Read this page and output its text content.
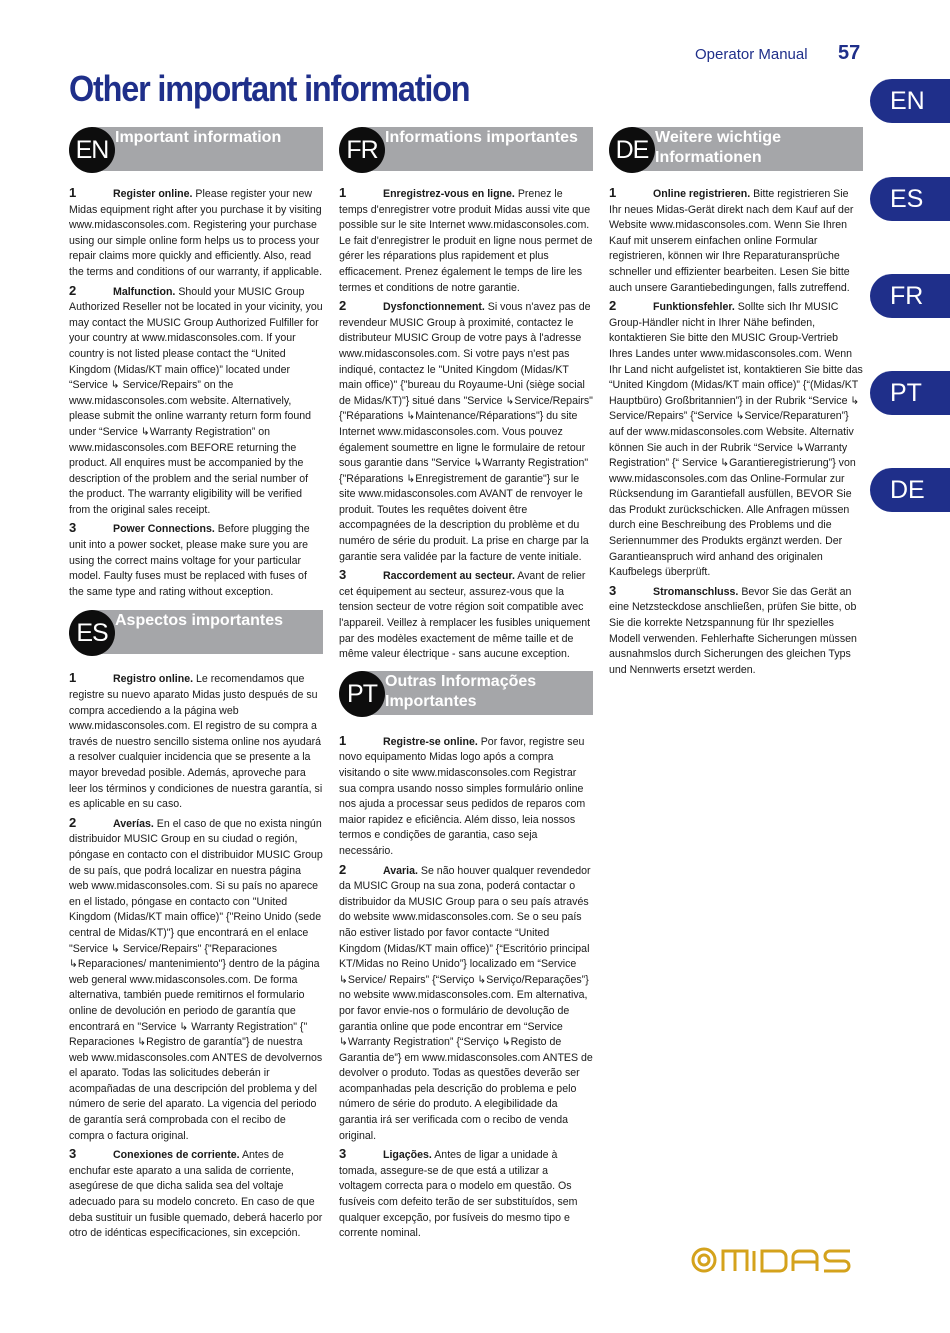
Operator Manual 57
Other important information	EN
ES
FR
PT
DE
Important information
EN

1	Register online. Please register your new Midas equipment right after you purchase it by visiting www.midasconsoles.com. Registering your purchase using our simple online form helps us to process your repair claims more quickly and efficiently. Also, read the terms and conditions of our warranty, if applicable.

2	Malfunction. Should your MUSIC Group Authorized Reseller not be located in your vicinity, you may contact the MUSIC Group Authorized Fulfiller for your country at www.midasconsoles.com. If your country is not listed please contact the “United Kingdom (Midas/KT main office)” located under “Service ↳ Service/Repairs” on the www.midasconsoles.com website. Alternatively, please submit the online warranty return form found under “Service ↳Warranty Registration” on www.midasconsoles.com BEFORE returning the product. All enquires must be accompanied by the description of the problem and the serial number of the product. The warranty eligibility will be verified from the original sales receipt.

3	Power Connections. Before plugging the unit into a power socket, please make sure you are using the correct mains voltage for your particular model. Faulty fuses must be replaced with fuses of the same type and rating without exception.

Aspectos importantes
ES

1	Registro online. Le recomendamos que registre su nuevo aparato Midas justo después de su compra accediendo a la página web www.midasconsoles.com. El registro de su compra a través de nuestro sencillo sistema online nos ayudará a resolver cualquier incidencia que se presente a la mayor brevedad posible. Además, aproveche para leer los términos y condiciones de nuestra garantía, si es aplicable en su caso.

2	Averías. En el caso de que no exista ningún distribuidor MUSIC Group en su ciudad o región, póngase en contacto con el distribuidor MUSIC Group de su país, que podrá localizar en nuestra página web www.midasconsoles.com. Si su país no aparece en el listado, póngase en contacto con "United Kingdom (Midas/KT main office)" {"Reino Unido (sede central de Midas/KT)"} que encontrará en el enlace "Service ↳ Service/Repairs" {"Reparaciones ↳Reparaciones/ mantenimiento"} dentro de la página web general www.midasconsoles.com. De forma alternativa, también puede remitirnos el formulario online de devolución en periodo de garantía que encontrará en "Service ↳ Warranty Registration" {" Reparaciones ↳Registro de garantía"} de nuestra web www.midasconsoles.com ANTES de devolvernos el aparato. Todas las solicitudes deberán ir acompañadas de una descripción del problema y del número de serie del aparato. La vigencia del periodo de garantía será comprobada con el recibo de compra o factura original.

3	Conexiones de corriente. Antes de enchufar este aparato a una salida de corriente, asegúrese de que dicha salida sea del voltaje adecuado para su modelo concreto. En caso de que deba sustituir un fusible quemado, deberá hacerlo por otro de idénticas especificaciones, sin excepción.

Informations importantes
FR

1	Enregistrez-vous en ligne. Prenez le temps d'enregistrer votre produit Midas aussi vite que possible sur le site Internet www.midasconsoles.com. Le fait d'enregistrer le produit en ligne nous permet de gérer les réparations plus rapidement et plus efficacement. Prenez également le temps de lire les termes et conditions de notre garantie.

2	Dysfonctionnement. Si vous n'avez pas de revendeur MUSIC Group à proximité, contactez le distributeur MUSIC Group de votre pays à l'adresse www.midasconsoles.com. Si votre pays n'est pas indiqué, contactez le "United Kingdom (Midas/KT main office)" {"bureau du Royaume-Uni (siège social de Midas/KT)"} situé dans "Service ↳Service/Repairs" {"Réparations ↳Maintenance/Réparations"} du site Internet www.midasconsoles.com. Vous pouvez également soumettre en ligne le formulaire de retour sous garantie dans "Service ↳Warranty Registration" {"Réparations ↳Enregistrement de garantie"} sur le site www.midasconsoles.com AVANT de renvoyer le produit. Toutes les requêtes doivent être accompagnées de la description du problème et du numéro de série du produit. La prise en charge par la garantie sera validée par la facture de vente initiale.

3	Raccordement au secteur. Avant de relier cet équipement au secteur, assurez-vous que la tension secteur de votre région soit compatible avec l'appareil. Veillez à remplacer les fusibles uniquement par des modèles exactement de même taille et de même valeur électrique - sans aucune exception.

Outras Informações Importantes
PT

1	Registre-se online. Por favor, registre seu novo equipamento Midas logo após a compra visitando o site www.midasconsoles.com Registrar sua compra usando nosso simples formulário online nos ajuda a processar seus pedidos de reparos com maior rapidez e eficiência. Além disso, leia nossos termos e condições de garantia, caso seja necessário.

2	Avaria. Se não houver qualquer revendedor da MUSIC Group na sua zona, poderá contactar o distribuidor da MUSIC Group para o seu país através do website www.midasconsoles.com. Se o seu país não estiver listado por favor contacte “United Kingdom (Midas/KT main office)” {“Escritório principal KT/Midas no Reino Unido”} localizado em “Service ↳Service/ Repairs” {“Serviço ↳Serviço/Reparações”} no website www.midasconsoles.com. Em alternativa, por favor envie-nos o formulário de devolução de garantia online que pode encontrar em “Service ↳Warranty Registration” {“Serviço ↳Registo de Garantia de”} em www.midasconsoles.com ANTES de devolver o produto. Todas as questões deverão ser acompanhadas pela descrição do problema e pelo número de série do produto. A elegibilidade da garantia irá ser verificada com o recibo de venda original.

3	Ligações. Antes de ligar a unidade à tomada, assegure-se de que está a utilizar a voltagem correcta para o modelo em questão. Os fusíveis com defeito terão de ser substituídos, sem qualquer excepção, por fusíveis do mesmo tipo e corrente nominal.

Weitere wichtige Informationen
DE

1	Online registrieren. Bitte registrieren Sie Ihr neues Midas-Gerät direkt nach dem Kauf auf der Website www.midasconsoles.com. Wenn Sie Ihren Kauf mit unserem einfachen online Formular registrieren, können wir Ihre Reparaturansprüche schneller und effizienter bearbeiten. Lesen Sie bitte auch unsere Garantiebedingungen, falls zutreffend.

2	Funktionsfehler. Sollte sich Ihr MUSIC Group-Händler nicht in Ihrer Nähe befinden, kontaktieren Sie bitte den MUSIC Group-Vertrieb Ihres Landes unter www.midasconsoles.com. Wenn Ihr Land nicht aufgelistet ist, kontaktieren Sie bitte das “United Kingdom (Midas/KT main office)” {“(Midas/KT Hauptbüro) Großbritannien”} in der Rubrik “Service ↳ Service/Repairs” {“Service ↳Service/Reparaturen”} auf der www.midasconsoles.com Website. Alternativ können Sie auch in der Rubrik “Service ↳Warranty Registration” {“ Service ↳Garantieregistrierung”} von www.midasconsoles.com das Online-Formular zur Rücksendung im Garantiefall ausfüllen, BEVOR Sie das Produkt zurückschicken. Alle Anfragen müssen durch eine Beschreibung des Problems und die Seriennummer des Produkts ergänzt werden. Der Garantieanspruch wird anhand des originalen Kaufbelegs überprüft.

3	Stromanschluss. Bevor Sie das Gerät an eine Netzsteckdose anschließen, prüfen Sie bitte, ob Sie die korrekte Netzspannung für Ihr spezielles Modell verwenden. Fehlerhafte Sicherungen müssen ausnahmslos durch Sicherungen des gleichen Typs und Nennwerts ersetzt werden.
